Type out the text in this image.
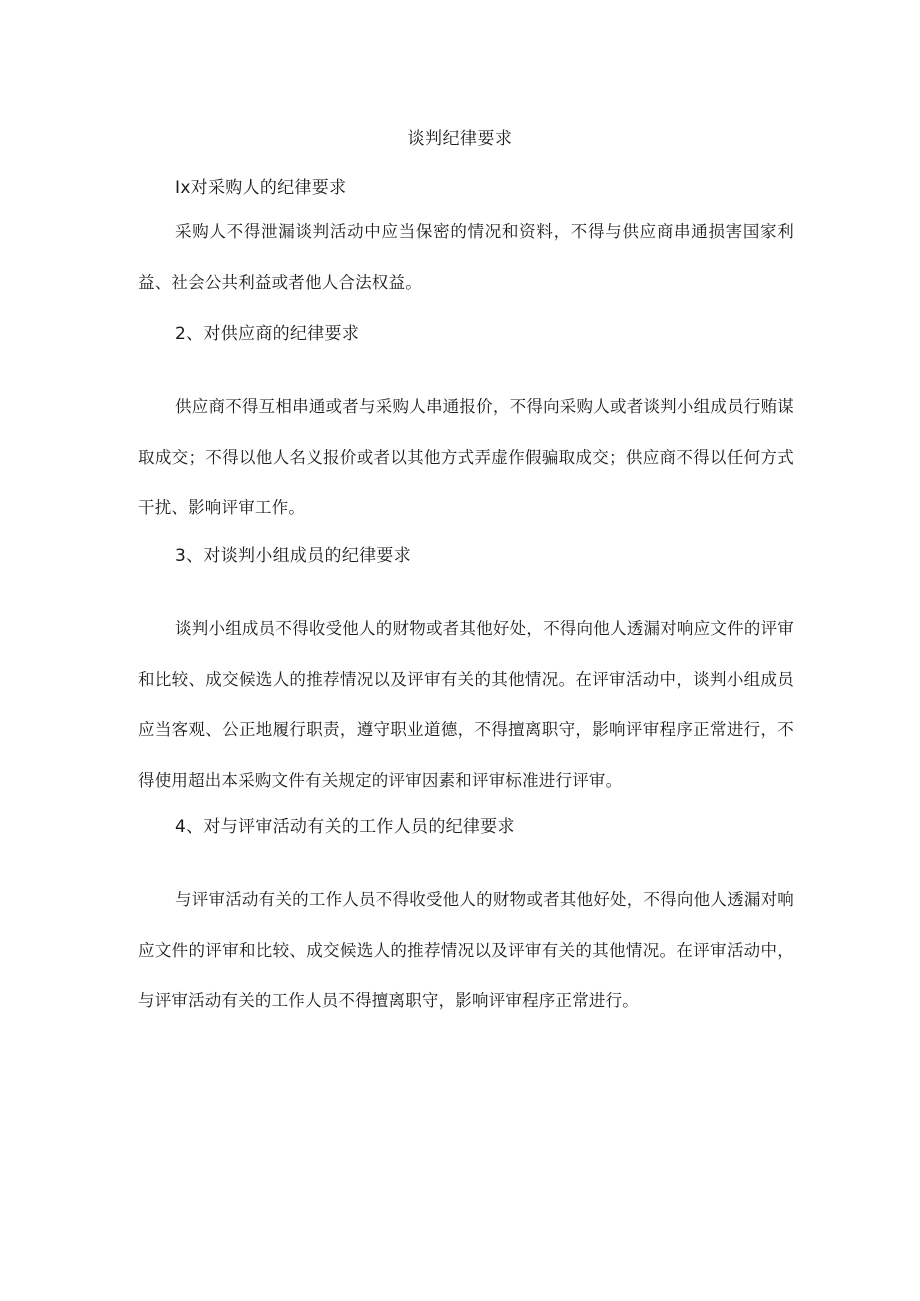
谈判纪律要求
Ix对采购人的纪律要求
采购人不得泄漏谈判活动中应当保密的情况和资料，不得与供应商串通损害国家利益、社会公共利益或者他人合法权益。
2、对供应商的纪律要求
供应商不得互相串通或者与采购人串通报价，不得向采购人或者谈判小组成员行贿谋取成交；不得以他人名义报价或者以其他方式弄虚作假骗取成交；供应商不得以任何方式干扰、影响评审工作。
3、对谈判小组成员的纪律要求
谈判小组成员不得收受他人的财物或者其他好处，不得向他人透漏对响应文件的评审和比较、成交候选人的推荐情况以及评审有关的其他情况。在评审活动中，谈判小组成员应当客观、公正地履行职责，遵守职业道德，不得擅离职守，影响评审程序正常进行，不得使用超出本采购文件有关规定的评审因素和评审标准进行评审。
4、对与评审活动有关的工作人员的纪律要求
与评审活动有关的工作人员不得收受他人的财物或者其他好处，不得向他人透漏对响应文件的评审和比较、成交候选人的推荐情况以及评审有关的其他情况。在评审活动中，与评审活动有关的工作人员不得擅离职守，影响评审程序正常进行。
